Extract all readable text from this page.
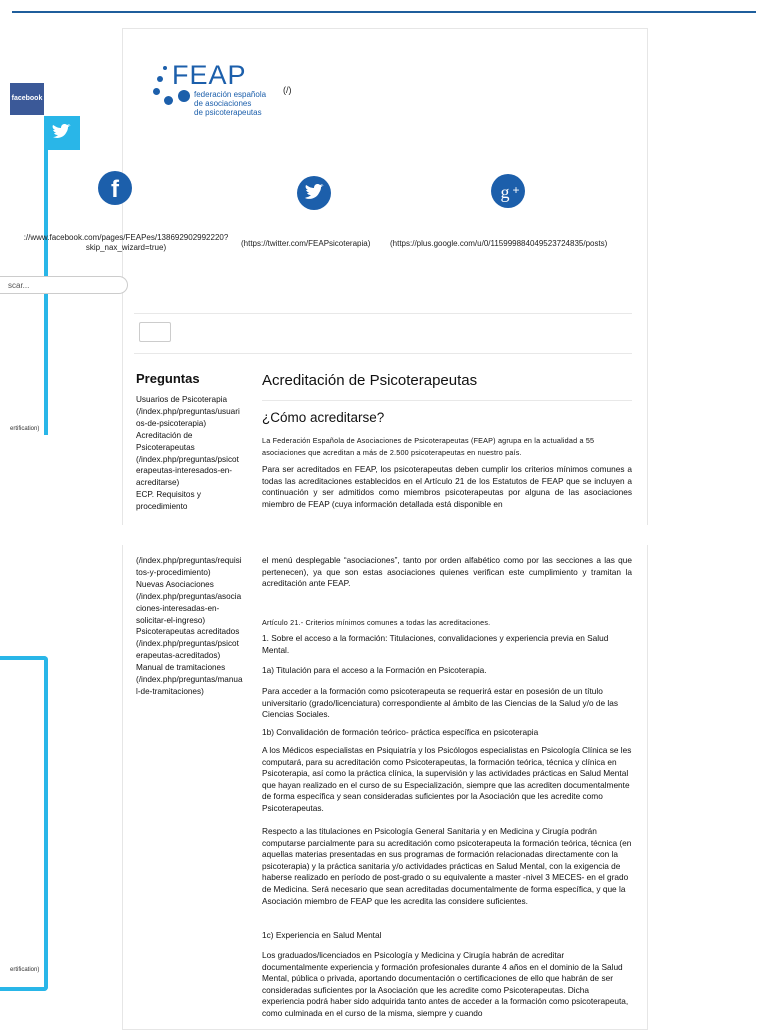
facebook
ertification)
ertification)
FEAP
federación española
de asociaciones
de psicoterapeutas
(/)
f	g +
://www.facebook.com/pages/FEAPes/138692902992220?
skip_nax_wizard=true)	(https://twitter.com/FEAPsicoterapia) (https://plus.google.com/u/0/115999884049523724835/posts)
scar...
Preguntas
Usuarios de Psicoterapia
(/index.php/preguntas/usuari
os-de-psicoterapia)
Acreditación de
Psicoterapeutas
(/index.php/preguntas/psicot
erapeutas-interesados-en-
acreditarse)
ECP. Requisitos y
procedimiento
(/index.php/preguntas/requisi
tos-y-procedimiento)
Nuevas Asociaciones
(/index.php/preguntas/asocia
ciones-interesadas-en-
solicitar-el-ingreso)
Psicoterapeutas acreditados
(/index.php/preguntas/psicot
erapeutas-acreditados)
Manual de tramitaciones
(/index.php/preguntas/manua
l-de-tramitaciones)
Acreditación de Psicoterapeutas
¿Cómo acreditarse?

La Federación Española de Asociaciones de Psicoterapeutas (FEAP) agrupa en la actualidad a 55 asociaciones que acreditan a más de 2.500 psicoterapeutas en nuestro país.

Para ser acreditados en FEAP, los psicoterapeutas deben cumplir los criterios mínimos comunes a todas las acreditaciones establecidos en el Artículo 21 de los Estatutos de FEAP que se incluyen a continuación y ser admitidos como miembros psicoterapeutas por alguna de las asociaciones miembro de FEAP (cuya información detallada está disponible en

el menú desplegable “asociaciones”, tanto por orden alfabético como por las secciones a las que pertenecen), ya que son estas asociaciones quienes verifican este cumplimiento y tramitan la acreditación ante FEAP.

Artículo 21.- Criterios mínimos comunes a todas las acreditaciones.

1. Sobre el acceso a la formación: Titulaciones, convalidaciones y experiencia previa en Salud Mental.

1a) Titulación para el acceso a la Formación en Psicoterapia.

Para acceder a la formación como psicoterapeuta se requerirá estar en posesión de un título universitario (grado/licenciatura) correspondiente al ámbito de las Ciencias de la Salud y/o de las Ciencias Sociales.

1b) Convalidación de formación teórico- práctica específica en psicoterapia

A los Médicos especialistas en Psiquiatría y los Psicólogos especialistas en Psicología Clínica se les computará, para su acreditación como Psicoterapeutas, la formación teórica, técnica y clínica en Psicoterapia, así como la práctica clínica, la supervisión y las actividades prácticas en Salud Mental que hayan realizado en el curso de su Especialización, siempre que las acrediten documentalmente de forma específica y sean consideradas suficientes por la Asociación que les acredite como Psicoterapeutas.

Respecto a las titulaciones en Psicología General Sanitaria y en Medicina y Cirugía podrán computarse parcialmente para su acreditación como psicoterapeuta la formación teórica, técnica (en aquellas materias presentadas en sus programas de formación relacionadas directamente con la psicoterapia) y la práctica sanitaria y/o actividades prácticas en Salud Mental, con la exigencia de haberse realizado en período de post-grado o su equivalente a master -nivel 3 MECES- en el grado de Medicina. Será necesario que sean acreditadas documentalmente de forma específica, y que la Asociación miembro de FEAP que les acredita las considere suficientes.

1c) Experiencia en Salud Mental

Los graduados/licenciados en Psicología y Medicina y Cirugía habrán de acreditar documentalmente experiencia y formación profesionales durante 4 años en el dominio de la Salud Mental, pública o privada, aportando documentación o certificaciones de ello que habrán de ser consideradas suficientes por la Asociación que les acredite como Psicoterapeutas. Dicha experiencia podrá haber sido adquirida tanto antes de acceder a la formación como psicoterapeuta, como culminada en el curso de la misma, siempre y cuando
